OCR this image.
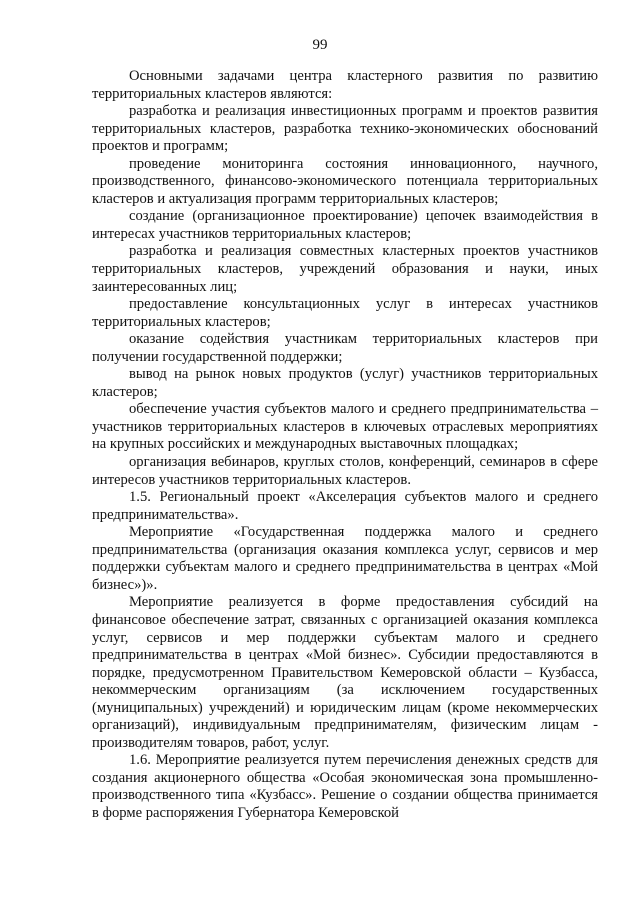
99

Основными задачами центра кластерного развития по развитию территориальных кластеров являются:

разработка и реализация инвестиционных программ и проектов развития территориальных кластеров, разработка технико-экономических обоснований проектов и программ;

проведение мониторинга состояния инновационного, научного, производственного, финансово-экономического потенциала территориальных кластеров и актуализация программ территориальных кластеров;

создание (организационное проектирование) цепочек взаимодействия в интересах участников территориальных кластеров;

разработка и реализация совместных кластерных проектов участников территориальных кластеров, учреждений образования и науки, иных заинтересованных лиц;

предоставление консультационных услуг в интересах участников территориальных кластеров;

оказание содействия участникам территориальных кластеров при получении государственной поддержки;

вывод на рынок новых продуктов (услуг) участников территориальных кластеров;

обеспечение участия субъектов малого и среднего предпринимательства – участников территориальных кластеров в ключевых отраслевых мероприятиях на крупных российских и международных выставочных площадках;

организация вебинаров, круглых столов, конференций, семинаров в сфере интересов участников территориальных кластеров.

1.5. Региональный проект «Акселерация субъектов малого и среднего предпринимательства».

Мероприятие «Государственная поддержка малого и среднего предпринимательства (организация оказания комплекса услуг, сервисов и мер поддержки субъектам малого и среднего предпринимательства в центрах «Мой бизнес»)».

Мероприятие реализуется в форме предоставления субсидий на финансовое обеспечение затрат, связанных с организацией оказания комплекса услуг, сервисов и мер поддержки субъектам малого и среднего предпринимательства в центрах «Мой бизнес». Субсидии предоставляются в порядке, предусмотренном Правительством Кемеровской области – Кузбасса, некоммерческим организациям (за исключением государственных (муниципальных) учреждений) и юридическим лицам (кроме некоммерческих организаций), индивидуальным предпринимателям, физическим лицам - производителям товаров, работ, услуг.

1.6. Мероприятие реализуется путем перечисления денежных средств для создания акционерного общества «Особая экономическая зона промышленно-производственного типа «Кузбасс». Решение о создании общества принимается в форме распоряжения Губернатора Кемеровской
